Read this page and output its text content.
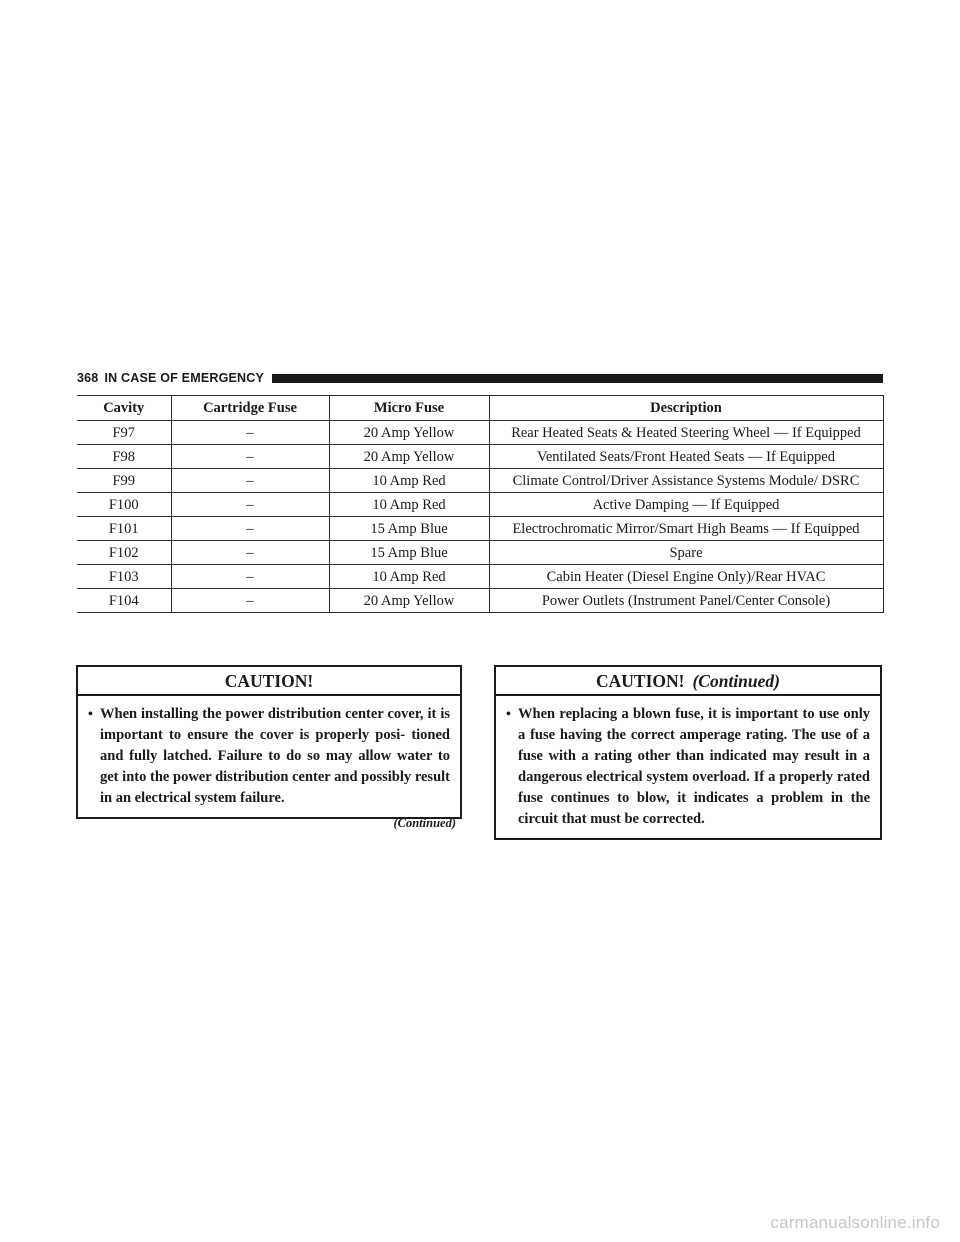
368 IN CASE OF EMERGENCY
Cavity	Cartridge Fuse	Micro Fuse	Description
F97	–	20 Amp Yellow	Rear Heated Seats & Heated Steering Wheel — If Equipped
F98	–	20 Amp Yellow	Ventilated Seats/Front Heated Seats — If Equipped
F99	–	10 Amp Red	Climate Control/Driver Assistance Systems Module/ DSRC
F100	–	10 Amp Red	Active Damping — If Equipped
F101	–	15 Amp Blue	Electrochromatic Mirror/Smart High Beams — If Equipped
F102	–	15 Amp Blue	Spare
F103	–	10 Amp Red	Cabin Heater (Diesel Engine Only)/Rear HVAC
F104	–	20 Amp Yellow	Power Outlets (Instrument Panel/Center Console)
CAUTION!
• When installing the power distribution center cover, it is important to ensure the cover is properly posi- tioned and fully latched. Failure to do so may allow water to get into the power distribution center and possibly result in an electrical system failure.
(Continued)
CAUTION! (Continued)
• When replacing a blown fuse, it is important to use only a fuse having the correct amperage rating. The use of a fuse with a rating other than indicated may result in a dangerous electrical system overload. If a properly rated fuse continues to blow, it indicates a problem in the circuit that must be corrected.
carmanualsonline.info
